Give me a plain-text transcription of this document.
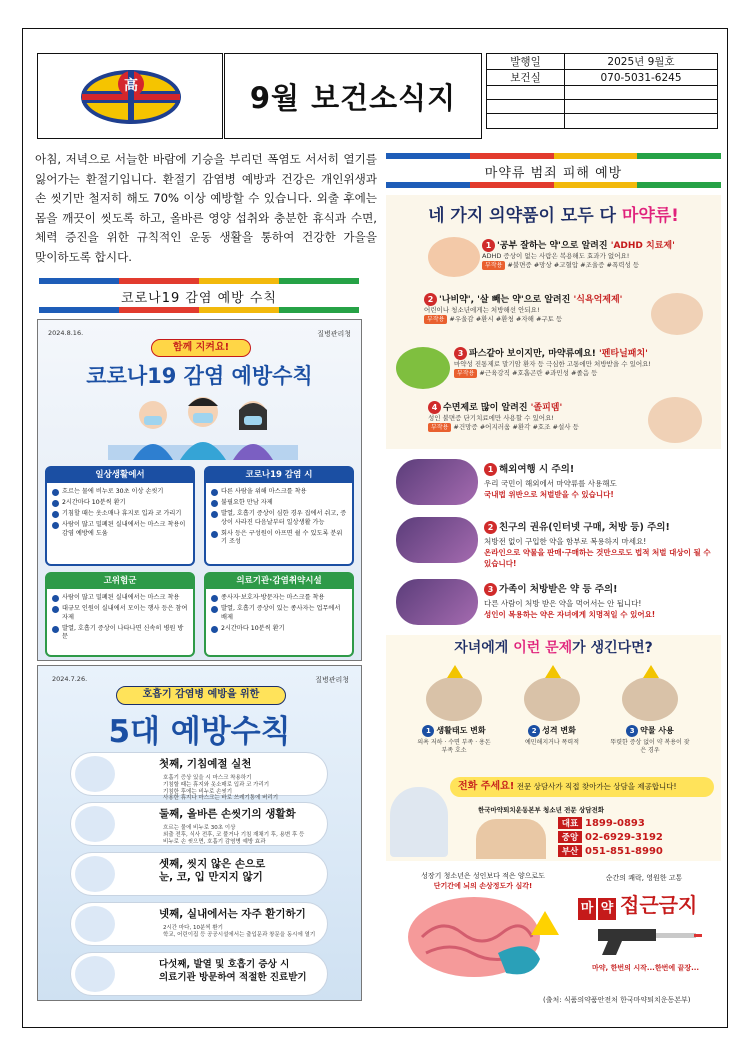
高	9월 보건소식지
발행일	2025년 9월호
보건실	070-5031-6245

아침, 저녁으로 서늘한 바람에 기승을 부리던 폭염도 서서히 열기를 잃어가는 환절기입니다. 환절기 감염병 예방과 건강은 개인위생과 손 씻기만 철저히 해도 70% 이상 예방할 수 있습니다. 외출 후에는 몸을 깨끗이 씻도록 하고, 올바른 영양 섭취와 충분한 휴식과 수면, 체력 증진을 위한 규칙적인 운동 생활을 통하여 건강한 가을을 맞이하도록 합시다.
코로나19 감염 예방 수칙
2024.8.16.	질병관리청
함께 지켜요!
코로나19 감염 예방수칙
일상생활에서
흐르는 물에 비누로 30초 이상 손씻기
2시간마다 10분씩 환기
기침할 때는 옷소매나 휴지로 입과 코 가리기
사람이 많고 밀폐된 실내에서는 마스크 착용이 감염 예방에 도움
코로나19 감염 시
다른 사람을 위해 마스크를 착용
불필요한 만남 자제
발열, 호흡기 증상이 심한 경우 집에서 쉬고, 증상이 사라진 다음날부터 일상생활 가능
회사 등은 구성원이 아프면 쉴 수 있도록 분위기 조성
고위험군
사람이 많고 밀폐된 실내에서는 마스크 착용
대규모 인원이 실내에서 모이는 행사 등은 참여 자제
발열, 호흡기 증상이 나타나면 신속히 병원 방문
의료기관·감염취약시설
종사자·보호자·방문자는 마스크를 착용
발열, 호흡기 증상이 있는 종사자는 업무에서 배제
2시간마다 10분씩 환기
2024.7.26.	질병관리청
호흡기 감염병 예방을 위한
5대 예방수칙
첫째, 기침예절 실천
호흡기 증상 있을 시 마스크 착용하기
기침할 때는 휴지와 옷소매로 입과 코 가리기
기침한 후에는 비누로 손씻기
사용한 휴지나 마스크는 바로 쓰레기통에 버리기
둘째, 올바른 손씻기의 생활화
흐르는 물에 비누로 30초 이상
외출 전후, 식사 전후, 코 풀거나 기침 재채기 후, 용변 후 등
비누로 손 씻으면, 호흡기 감염병 예방 효과
셋째, 씻지 않은 손으로
눈, 코, 입 만지지 않기
넷째, 실내에서는 자주 환기하기
2시간 마다, 10분씩 환기
학교, 어린이집 등 공공시설에서는 출입문과 창문을 동시에 열기
다섯째, 발열 및 호흡기 증상 시
의료기관 방문하여 적절한 진료받기
마약류 범죄 피해 예방
네 가지 의약품이 모두 다 마약류!
1 '공부 잘하는 약'으로 알려진 'ADHD 치료제'
ADHD 증상이 없는 사람은 복용해도 효과가 없어요!
부작용 #불면증 #망상 #고혈압 #조울증 #폭력성 등
2 '나비약', '살 빼는 약'으로 알려진 '식욕억제제'
어린이나 청소년에게는 처방해선 안되요!
부작용 #우울감 #환시 #환청 #자해 #구토 등
3 파스같아 보이지만, 마약류예요! '펜타닐패치'
마약성 진통제로 말기암 환자 등 극심한 고통에만 처방받을 수 있어요!
부작용 #근육강직 #호흡곤란 #과민성 #졸음 등
4 수면제로 많이 알려진 '졸피뎀'
성인 불면증 단기치료에만 사용할 수 있어요!
부작용 #건망증 #어지러움 #환각 #호조 #설사 등
1 해외여행 시 주의!
우리 국민이 해외에서 마약류를 사용해도
국내법 위반으로 처벌받을 수 있습니다!
2 친구의 권유(인터넷 구매, 처방 등) 주의!
처방전 없이 구입한 약을 함부로 복용하지 마세요!
온라인으로 약물을 판매·구매하는 것만으로도 법적 처벌 대상이 될 수 있습니다!
3 가족이 처방받은 약 등 주의!
다른 사람이 처방 받은 약을 먹어서는 안 됩니다!
성인이 복용하는 약은 자녀에게 치명적일 수 있어요!
자녀에게 이런 문제가 생긴다면?
1 생활태도 변화
의욕 저하 · 수면 부족 · 용돈 부족 호소
2 성격 변화
예민해지거나 폭력적
3 약물 사용
뚜렷한 증상 없이 약 복용이 잦은 경우
전화 주세요! 전문 상담사가 직접 찾아가는 상담을 제공합니다!
한국마약퇴치운동본부 청소년 전문 상담전화
대표 1899-0893
중앙 02-6929-3192
부산 051-851-8990
성장기 청소년은 성인보다 적은 양으로도
단기간에 뇌의 손상정도가 심각!
순간의 쾌락, 영원한 고통
마 약 접근금지
마약, 한번의 시작...한번에 끝장...
(출처: 식품의약품안전처 한국마약퇴치운동본부)
